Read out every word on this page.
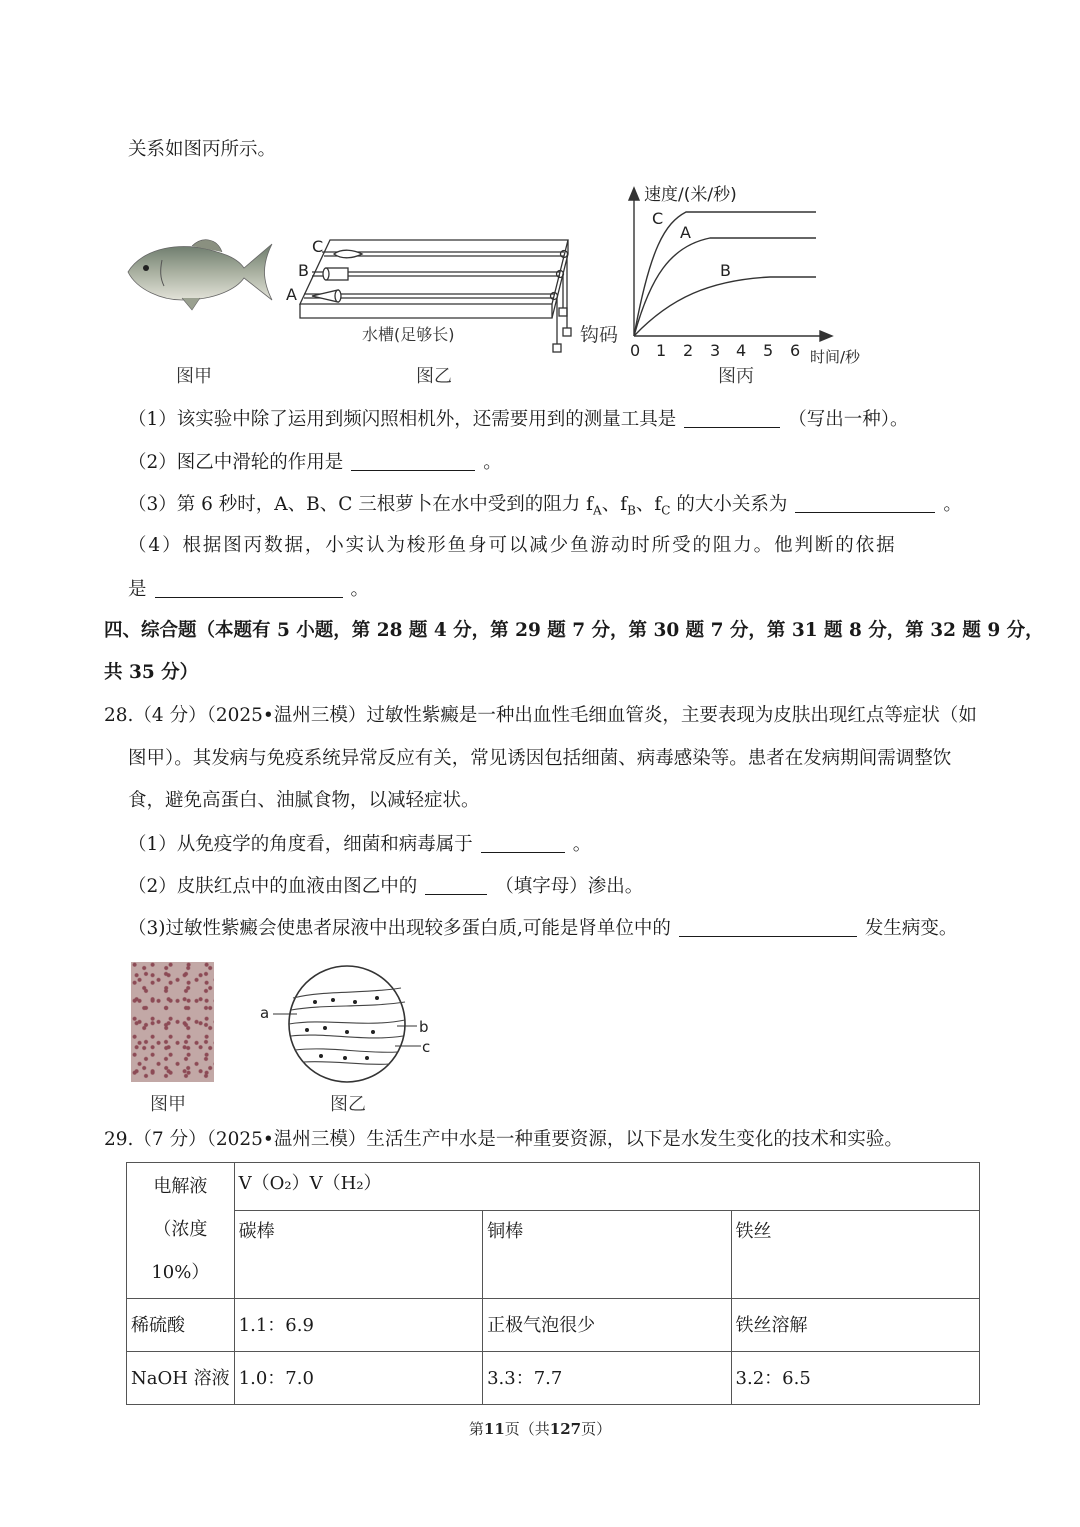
关系如图丙所示。
图甲
C
B
A
水槽(足够长)	钩码
图乙
速度/(米/秒)
C
A
B
0 1 2 3 4 5 6 时间/秒
图丙
（1）该实验中除了运用到频闪照相机外，还需要用到的测量工具是	（写出一种）。
（2）图乙中滑轮的作用是	。
（3）第 6 秒时，A、B、C 三根萝卜在水中受到的阻力 $f_A$、$f_B$、$f_C$ 的大小关系为	。
（4）根据图丙数据，小实认为梭形鱼身可以减少鱼游动时所受的阻力。他判断的依据
是	。
四、综合题（本题有 5 小题，第 28 题 4 分，第 29 题 7 分，第 30 题 7 分，第 31 题 8 分，第 32 题 9 分，
共 35 分）
28.（4 分）（2025•温州三模）过敏性紫癜是一种出血性毛细血管炎，主要表现为皮肤出现红点等症状（如
图甲）。其发病与免疫系统异常反应有关，常见诱因包括细菌、病毒感染等。患者在发病期间需调整饮
食，避免高蛋白、油腻食物，以减轻症状。
（1）从免疫学的角度看，细菌和病毒属于	。
（2）皮肤红点中的血液由图乙中的	（填字母）渗出。
（3)过敏性紫癜会使患者尿液中出现较多蛋白质,可能是肾单位中的	发生病变。
图甲
a
b
c
图乙
29.（7 分）（2025•温州三模）生活生产中水是一种重要资源，以下是水发生变化的技术和实验。
电解液
（浓度
10%）	V（O₂）V（H₂）		
	碳棒	铜棒	铁丝
稀硫酸	1.1：6.9	正极气泡很少	铁丝溶解
NaOH 溶液	1.0：7.0	3.3：7.7	3.2：6.5
第11页（共127页）
